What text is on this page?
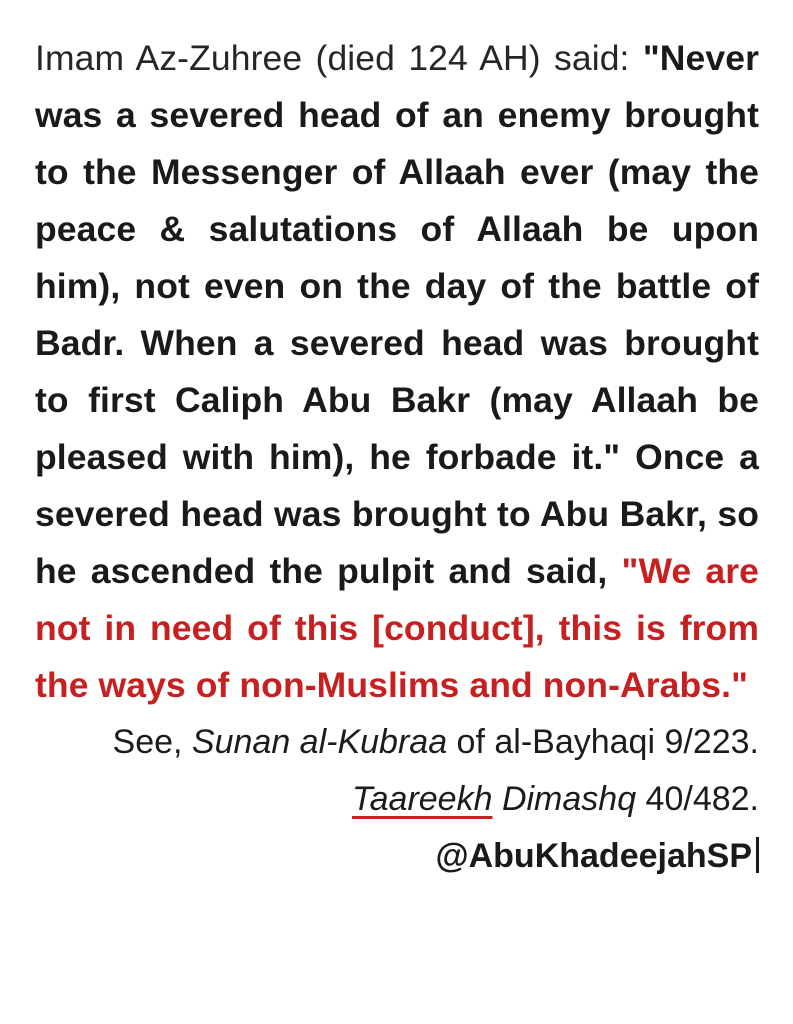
Imam Az-Zuhree (died 124 AH) said: "Never was a severed head of an enemy brought to the Messenger of Allaah ever (may the peace & salutations of Allaah be upon him), not even on the day of the battle of Badr. When a severed head was brought to first Caliph Abu Bakr (may Allaah be pleased with him), he forbade it." Once a severed head was brought to Abu Bakr, so he ascended the pulpit and said, "We are not in need of this [conduct], this is from the ways of non-Muslims and non-Arabs."
See, Sunan al-Kubraa of al-Bayhaqi 9/223. Taareekh Dimashq 40/482.
@AbuKhadeejahSP
